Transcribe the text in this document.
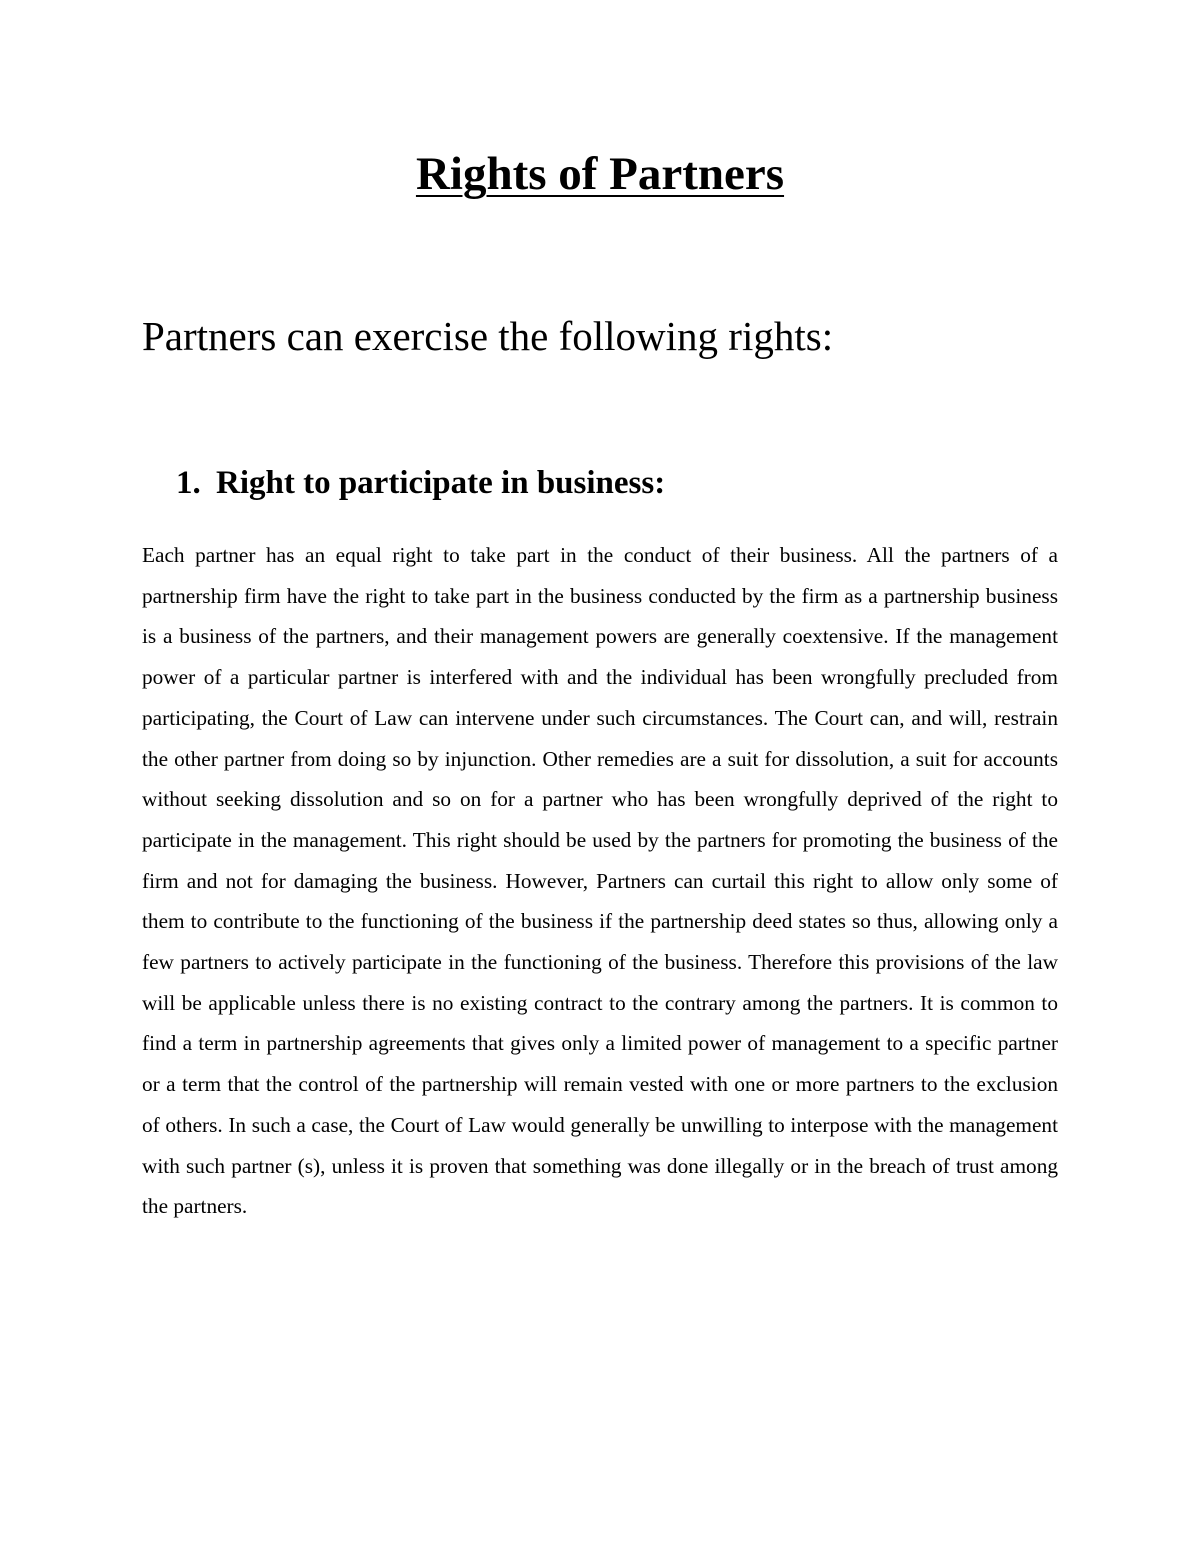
Rights of Partners

Partners can exercise the following rights:

1. Right to participate in business:

Each partner has an equal right to take part in the conduct of their business. All the partners of a partnership firm have the right to take part in the business conducted by the firm as a partnership business is a business of the partners, and their management powers are generally coextensive. If the management power of a particular partner is interfered with and the individual has been wrongfully precluded from participating, the Court of Law can intervene under such circumstances. The Court can, and will, restrain the other partner from doing so by injunction. Other remedies are a suit for dissolution, a suit for accounts without seeking dissolution and so on for a partner who has been wrongfully deprived of the right to participate in the management. This right should be used by the partners for promoting the business of the firm and not for damaging the business. However, Partners can curtail this right to allow only some of them to contribute to the functioning of the business if the partnership deed states so thus, allowing only a few partners to actively participate in the functioning of the business. Therefore this provisions of the law will be applicable unless there is no existing contract to the contrary among the partners. It is common to find a term in partnership agreements that gives only a limited power of management to a specific partner or a term that the control of the partnership will remain vested with one or more partners to the exclusion of others. In such a case, the Court of Law would generally be unwilling to interpose with the management with such partner (s), unless it is proven that something was done illegally or in the breach of trust among the partners.
